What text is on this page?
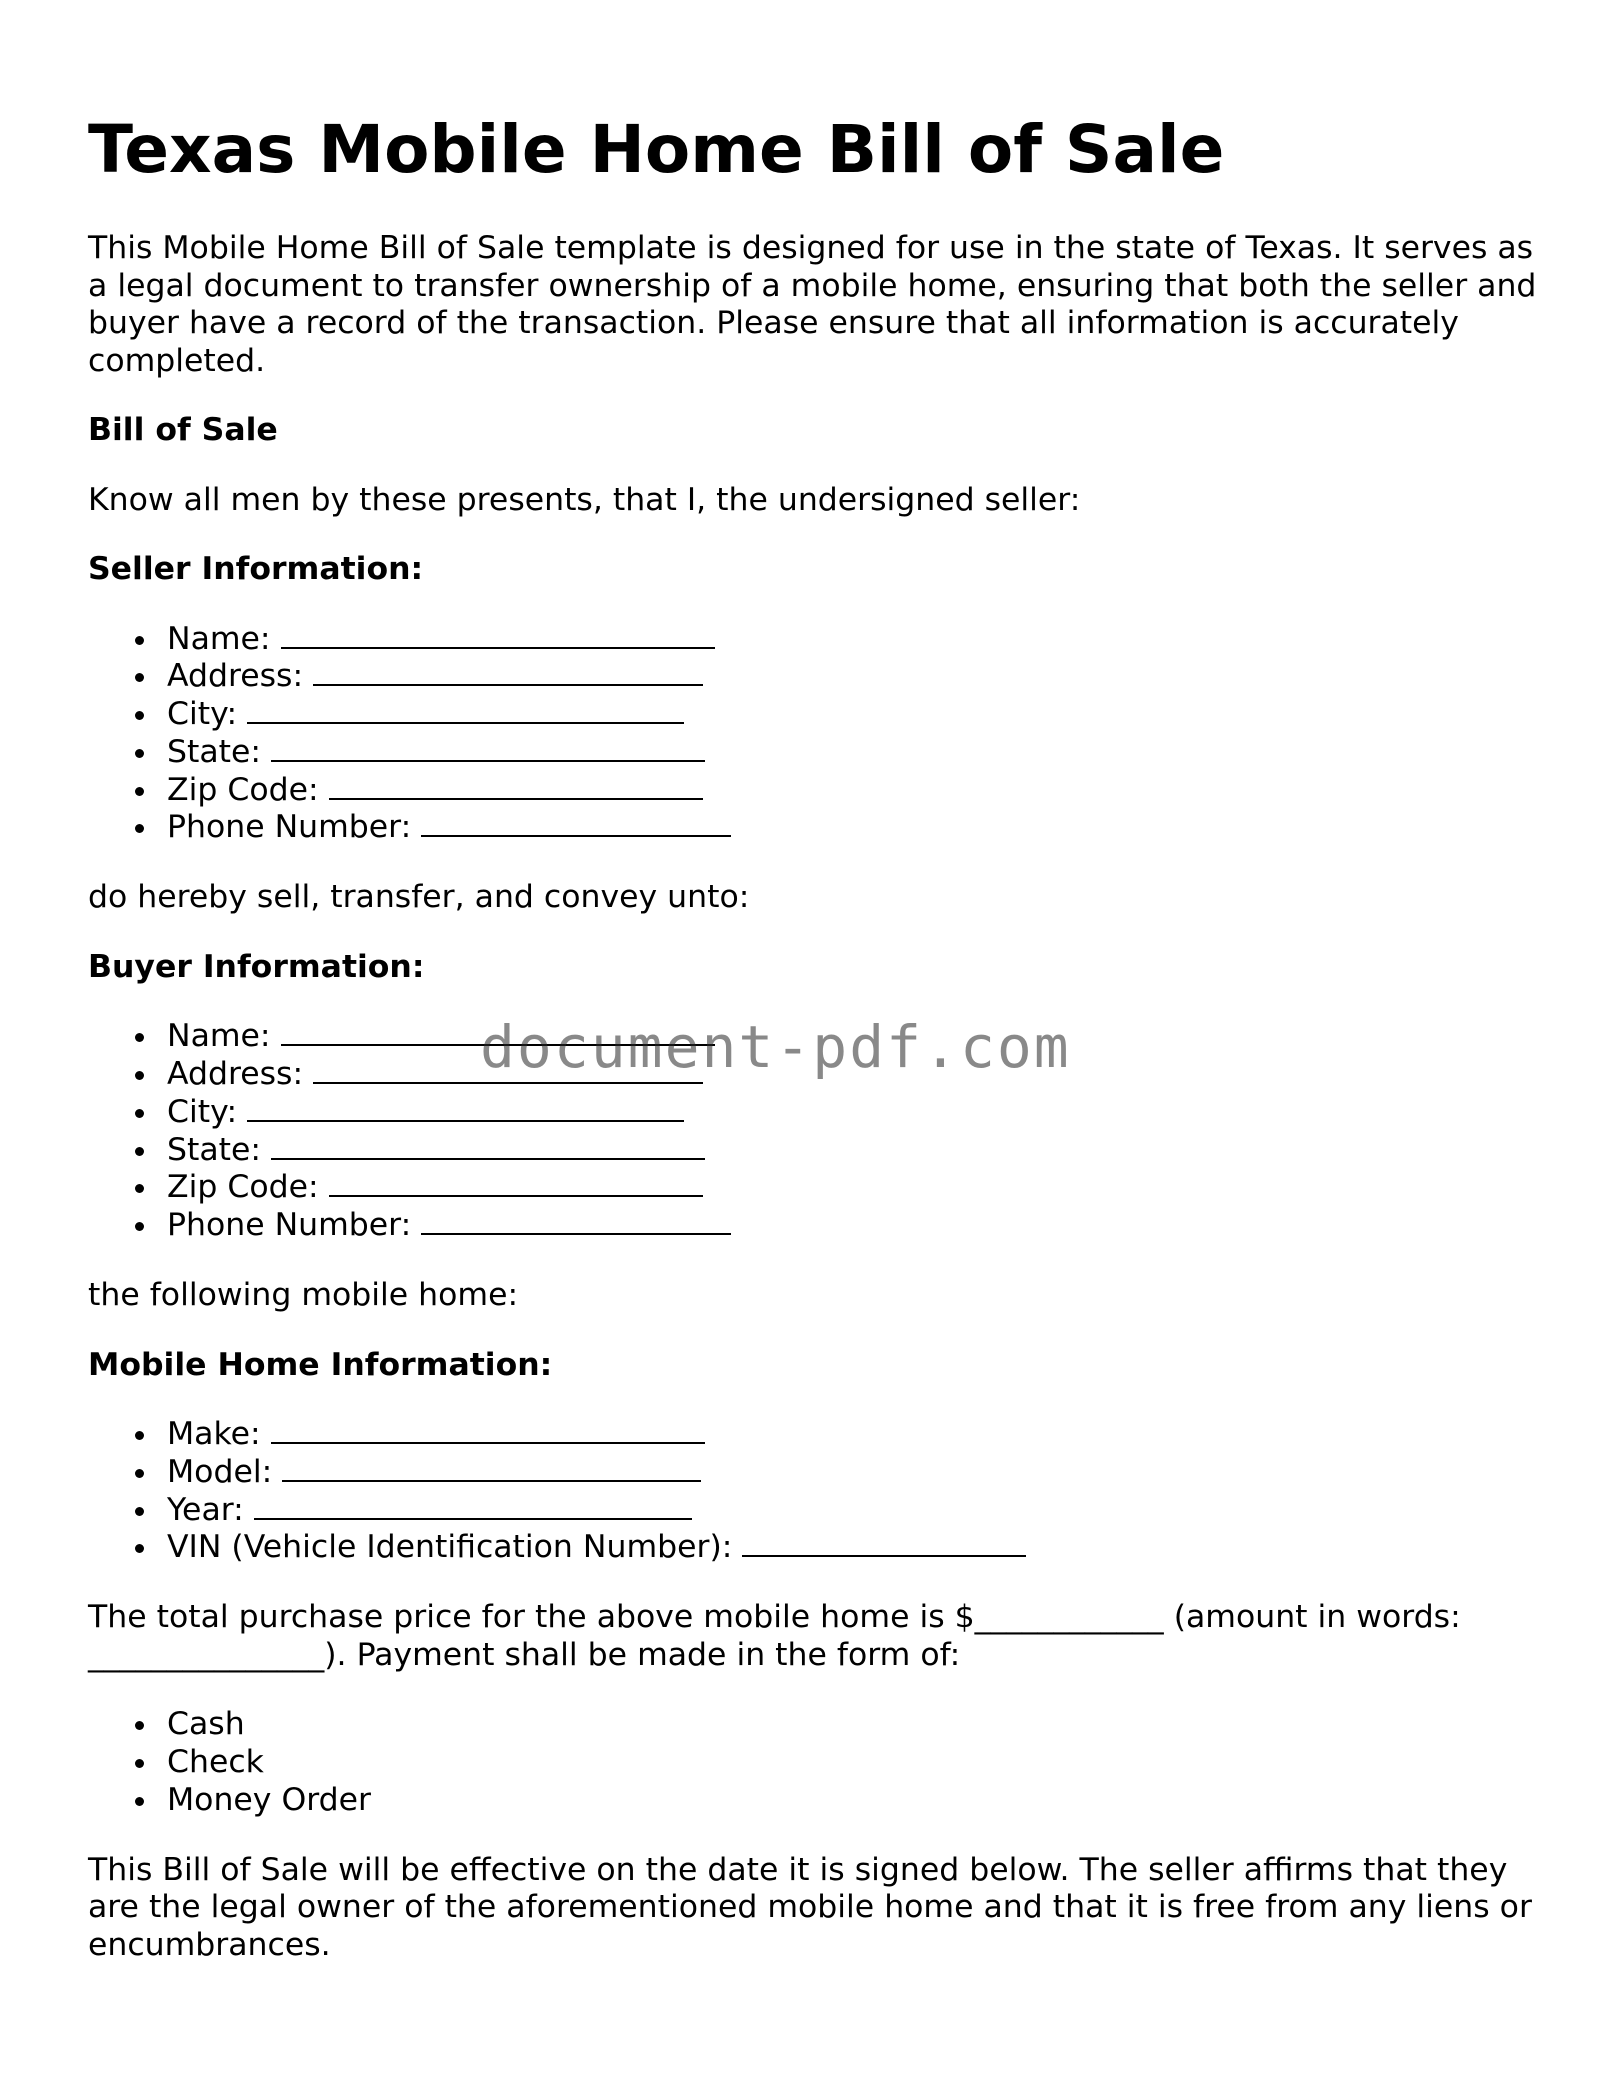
Texas Mobile Home Bill of Sale

This Mobile Home Bill of Sale template is designed for use in the state of Texas. It serves as a legal document to transfer ownership of a mobile home, ensuring that both the seller and buyer have a record of the transaction. Please ensure that all information is accurately completed.

Bill of Sale

Know all men by these presents, that I, the undersigned seller:

Seller Information:

Name:
Address:
City:
State:
Zip Code:
Phone Number:

do hereby sell, transfer, and convey unto:

Buyer Information:

Name:
Address:
City:
State:
Zip Code:
Phone Number:

the following mobile home:

Mobile Home Information:

Make:
Model:
Year:
VIN (Vehicle Identification Number):

The total purchase price for the above mobile home is $____________ (amount in words: _______________). Payment shall be made in the form of:

Cash
Check
Money Order

This Bill of Sale will be effective on the date it is signed below. The seller affirms that they are the legal owner of the aforementioned mobile home and that it is free from any liens or encumbrances.

document-pdf.com
